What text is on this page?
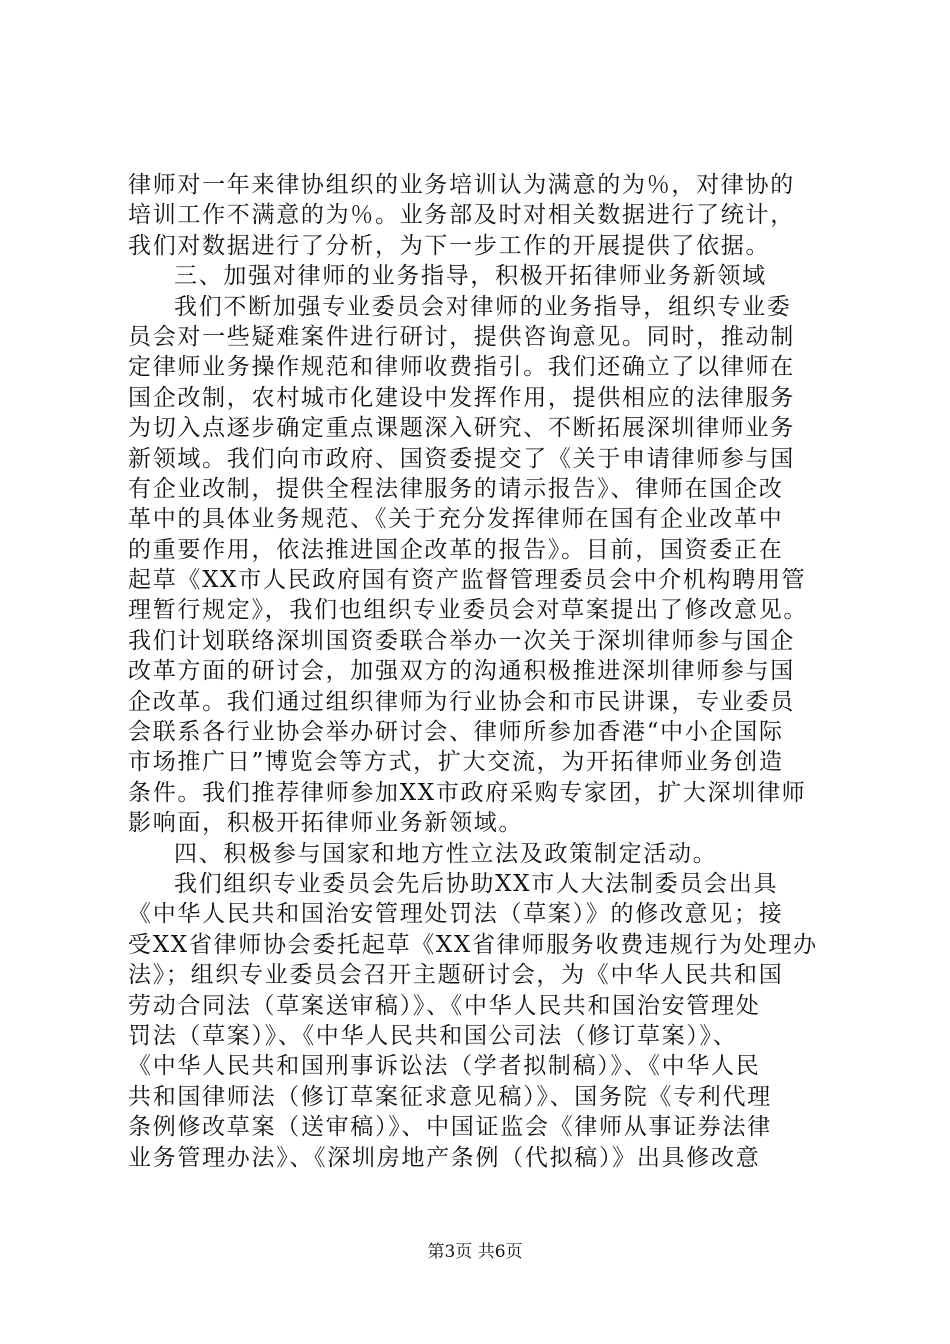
律师对一年来律协组织的业务培训认为满意的为％，对律协的
培训工作不满意的为％。业务部及时对相关数据进行了统计，
我们对数据进行了分析，为下一步工作的开展提供了依据。
三、加强对律师的业务指导，积极开拓律师业务新领域
我们不断加强专业委员会对律师的业务指导，组织专业委
员会对一些疑难案件进行研讨，提供咨询意见。同时，推动制
定律师业务操作规范和律师收费指引。我们还确立了以律师在
国企改制，农村城市化建设中发挥作用，提供相应的法律服务
为切入点逐步确定重点课题深入研究、不断拓展深圳律师业务
新领域。我们向市政府、国资委提交了《关于申请律师参与国
有企业改制，提供全程法律服务的请示报告》、律师在国企改
革中的具体业务规范、《关于充分发挥律师在国有企业改革中
的重要作用，依法推进国企改革的报告》。目前，国资委正在
起草《XX市人民政府国有资产监督管理委员会中介机构聘用管
理暂行规定》，我们也组织专业委员会对草案提出了修改意见。
我们计划联络深圳国资委联合举办一次关于深圳律师参与国企
改革方面的研讨会，加强双方的沟通积极推进深圳律师参与国
企改革。我们通过组织律师为行业协会和市民讲课，专业委员
会联系各行业协会举办研讨会、律师所参加香港“中小企国际
市场推广日”博览会等方式，扩大交流，为开拓律师业务创造
条件。我们推荐律师参加XX市政府采购专家团，扩大深圳律师
影响面，积极开拓律师业务新领域。
四、积极参与国家和地方性立法及政策制定活动。
我们组织专业委员会先后协助XX市人大法制委员会出具
《中华人民共和国治安管理处罚法（草案）》的修改意见；接
受XX省律师协会委托起草《XX省律师服务收费违规行为处理办
法》；组织专业委员会召开主题研讨会，为《中华人民共和国
劳动合同法（草案送审稿）》、《中华人民共和国治安管理处
罚法（草案）》、《中华人民共和国公司法（修订草案）》、
《中华人民共和国刑事诉讼法（学者拟制稿）》、《中华人民
共和国律师法（修订草案征求意见稿）》、国务院《专利代理
条例修改草案（送审稿）》、中国证监会《律师从事证券法律
业务管理办法》、《深圳房地产条例（代拟稿）》出具修改意
第3页 共6页
